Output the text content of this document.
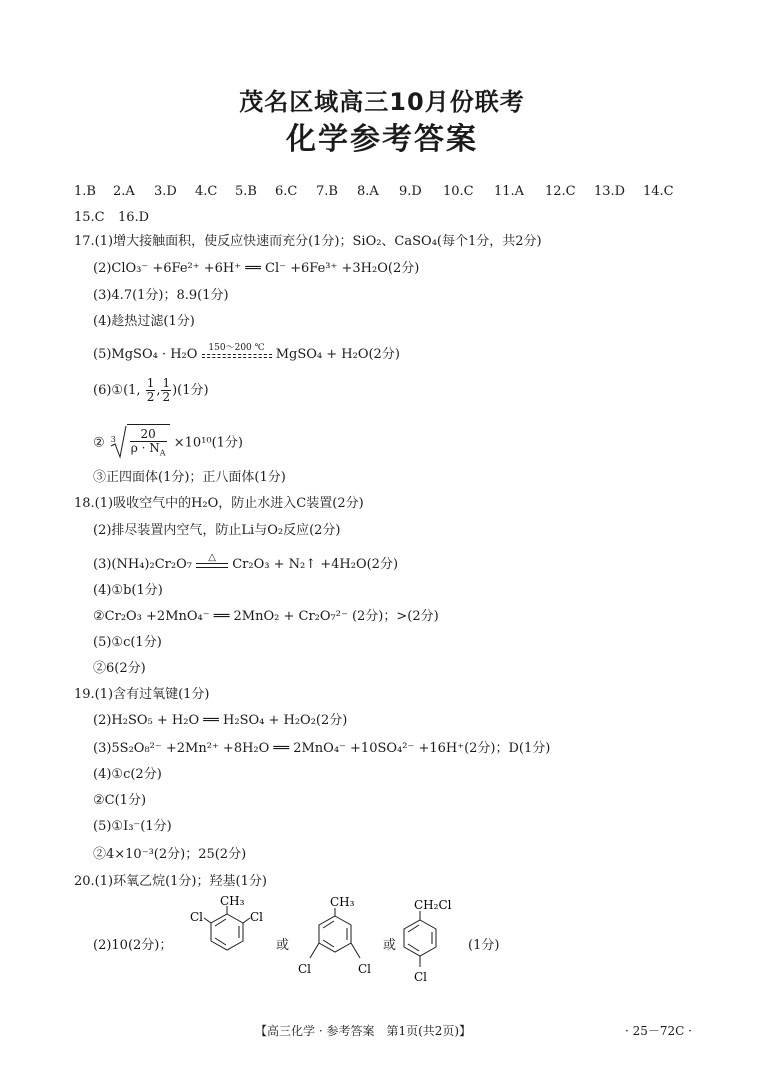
茂名区域高三10月份联考
化学参考答案
1.B 2.A 3.D 4.C 5.B 6.C 7.B 8.A 9.D 10.C 11.A 12.C 13.D 14.C
15.C 16.D
17.(1)增大接触面积，使反应快速而充分(1分)；SiO₂、CaSO₄(每个1分，共2分)
(2)ClO₃⁻ +6Fe²⁺ +6H⁺ ══ Cl⁻ +6Fe³⁺ +3H₂O(2分)
(3)4.7(1分)；8.9(1分)
(4)趁热过滤(1分)
(5)MgSO₄ · H₂O	150～200 ℃ MgSO₄ + H₂O(2分)
(6)①(1, $\frac{1}{2}$ , $\frac{1}{2} )(1$分)
② $3 \frac{20}{\rho \cdot N_A} \times 10^{10}(1$分)
③正四面体(1分)；正八面体(1分)
18.(1)吸收空气中的H₂O，防止水进入C装置(2分)
(2)排尽装置内空气，防止Li与O₂反应(2分)
(3)(NH₄)₂Cr₂O₇	△	Cr₂O₃ + N₂↑ +4H₂O(2分)
(4)①b(1分)
②Cr₂O₃ +2MnO₄⁻ ══ 2MnO₂ + Cr₂O₇²⁻ (2分)；>(2分)
(5)①c(1分)
②6(2分)
19.(1)含有过氧键(1分)
(2)H₂SO₅ + H₂O ══ H₂SO₄ + H₂O₂(2分)
(3)5S₂O₈²⁻ +2Mn²⁺ +8H₂O ══ 2MnO₄⁻ +10SO₄²⁻ +16H⁺(2分)；D(1分)
(4)①c(2分)
②C(1分)
(5)①I₃⁻(1分)
②4×10⁻³(2分)；25(2分)
20.(1)环氧乙烷(1分)；羟基(1分)
(2)10(2分)；	或	或	(1分)
CH₃
Cl
Cl
CH₃
Cl
Cl
CH₂Cl
Cl
【高三化学 · 参考答案　第1页(共2页)】	· 25－72C ·
